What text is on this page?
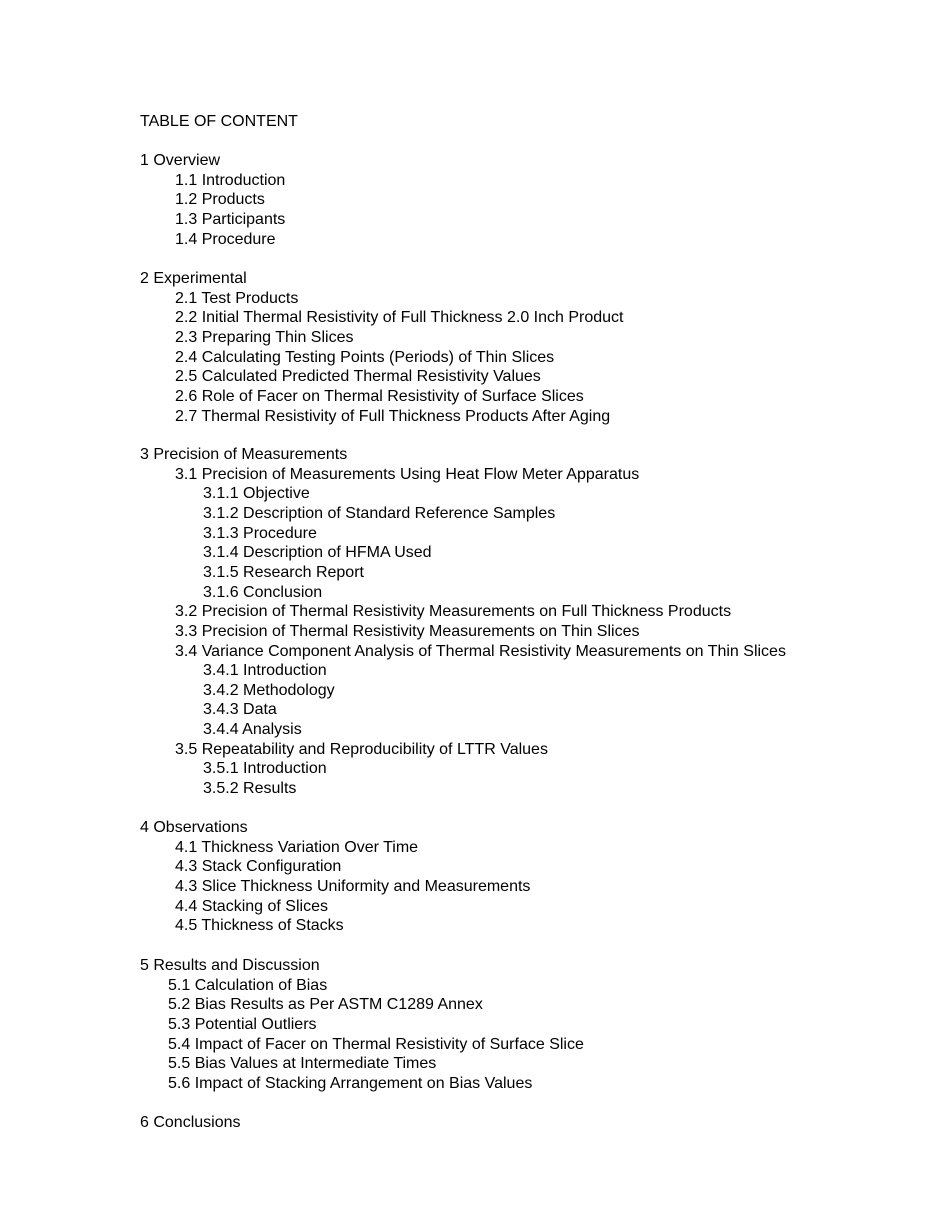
TABLE OF CONTENT
1 Overview
1.1 Introduction
1.2 Products
1.3 Participants
1.4 Procedure
2 Experimental
2.1 Test Products
2.2 Initial Thermal Resistivity of Full Thickness 2.0 Inch Product
2.3 Preparing Thin Slices
2.4 Calculating Testing Points (Periods) of Thin Slices
2.5 Calculated Predicted Thermal Resistivity Values
2.6 Role of Facer on Thermal Resistivity of Surface Slices
2.7 Thermal Resistivity of Full Thickness Products After Aging
3 Precision of Measurements
3.1 Precision of Measurements Using Heat Flow Meter Apparatus
3.1.1 Objective
3.1.2 Description of Standard Reference Samples
3.1.3 Procedure
3.1.4 Description of HFMA Used
3.1.5 Research Report
3.1.6 Conclusion
3.2 Precision of Thermal Resistivity Measurements on Full Thickness Products
3.3 Precision of Thermal Resistivity Measurements on Thin Slices
3.4 Variance Component Analysis of Thermal Resistivity Measurements on Thin Slices
3.4.1 Introduction
3.4.2 Methodology
3.4.3 Data
3.4.4 Analysis
3.5 Repeatability and Reproducibility of LTTR Values
3.5.1 Introduction
3.5.2 Results
4 Observations
4.1 Thickness Variation Over Time
4.3 Stack Configuration
4.3 Slice Thickness Uniformity and Measurements
4.4 Stacking of Slices
4.5 Thickness of Stacks
5 Results and Discussion
5.1 Calculation of Bias
5.2 Bias Results as Per ASTM C1289 Annex
5.3 Potential Outliers
5.4 Impact of Facer on Thermal Resistivity of Surface Slice
5.5 Bias Values at Intermediate Times
5.6 Impact of Stacking Arrangement on Bias Values
6 Conclusions
